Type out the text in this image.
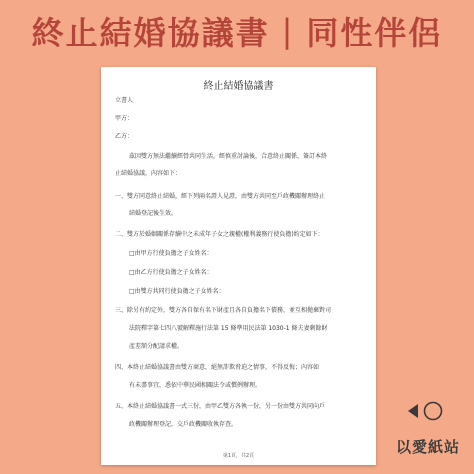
終止結婚協議書 | 同性伴侶
終止結婚協議書
立書人
甲方：
乙方：
茲因雙方無法繼續經營共同生活，經慎重討論後，合意終止關係，簽訂本終
止結婚協議，內容如下：
一、雙方同意終止結婚，經下列兩名證人見證，由雙方共同至戶政機關辦理終止
結婚登記後生效。
二、雙方於婚姻關係存續中之未成年子女之親權(權利義務行使負擔)約定如下：
□由甲方行使負擔之子女姓名：
□由乙方行使負擔之子女姓名：
□由雙方共同行使負擔之子女姓名：
三、除另有約定外，雙方各自保有名下財產且各自負擔名下債務，並互相拋棄對司
法院釋字第七四八號解釋施行法第 15 條準用民法第 1030-1 條夫妻剩餘財
產差額分配請求權。
四、本終止結婚協議書由雙方商意，絕無詐欺脅迫之情事，不得反悔；內容如
有未盡事宜，悉依中華民國相關法令或慣例辦理。
五、本終止結婚協議書一式三份，由甲乙雙方各執一份，另一份由雙方共同向戶
政機關辦理登記，交戶政機關收執存查。
第1頁，共2頁	以愛紙站
